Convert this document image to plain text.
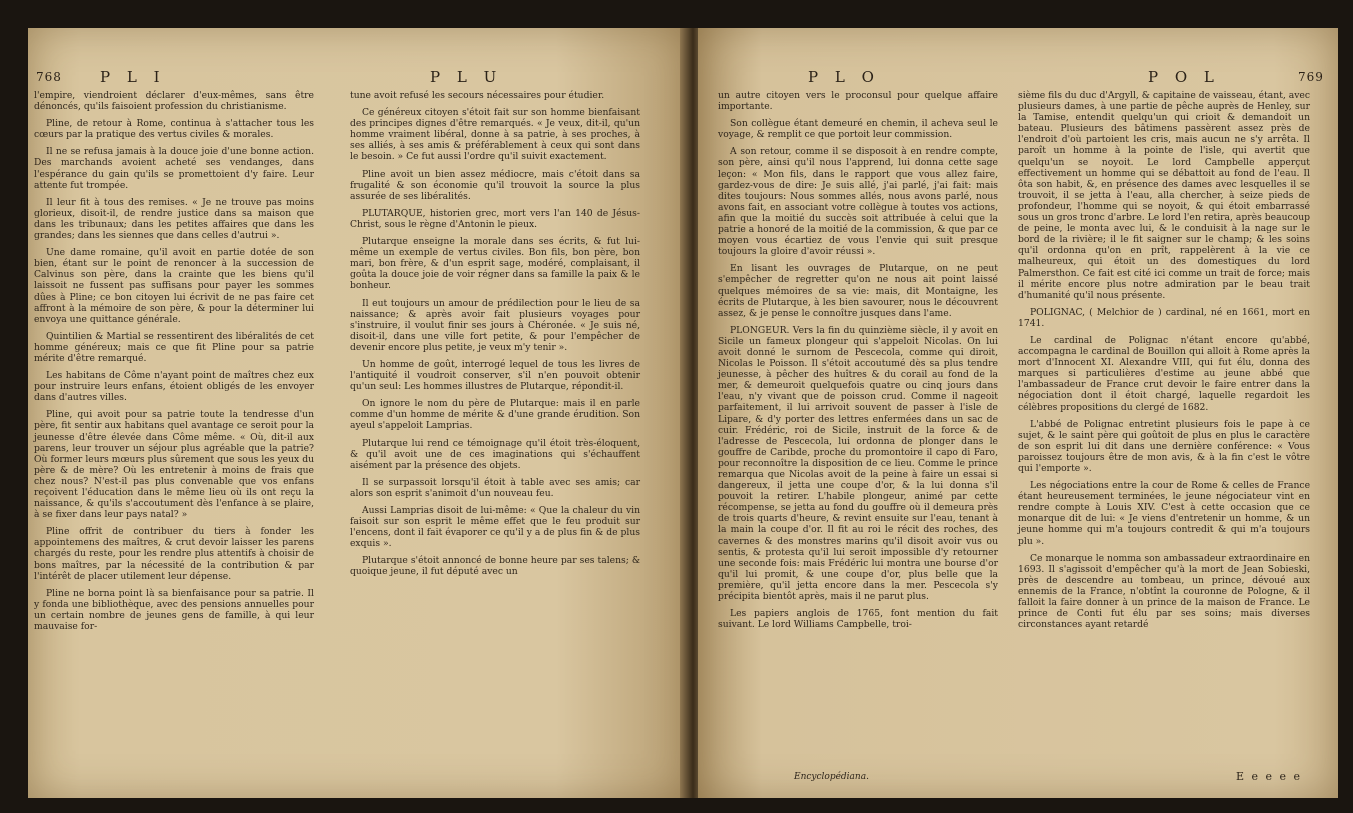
768	P L I	P L U

l'empire, viendroient déclarer d'eux-mêmes, sans être dénoncés, qu'ils faisoient profession du christianisme.

Pline, de retour à Rome, continua à s'attacher tous les cœurs par la pratique des vertus civiles & morales.

Il ne se refusa jamais à la douce joie d'une bonne action. Des marchands avoient acheté ses vendanges, dans l'espérance du gain qu'ils se promettoient d'y faire. Leur attente fut trompée.

Il leur fit à tous des remises. « Je ne trouve pas moins glorieux, disoit-il, de rendre justice dans sa maison que dans les tribunaux; dans les petites affaires que dans les grandes; dans les siennes que dans celles d'autrui ».

Une dame romaine, qu'il avoit en partie dotée de son bien, étant sur le point de renoncer à la succession de Calvinus son père, dans la crainte que les biens qu'il laissoit ne fussent pas suffisans pour payer les sommes dûes à Pline; ce bon citoyen lui écrivit de ne pas faire cet affront à la mémoire de son père, & pour la déterminer lui envoya une quittance générale.

Quintilien & Martial se ressentirent des libéralités de cet homme généreux; mais ce que fit Pline pour sa patrie mérite d'être remarqué.

Les habitans de Côme n'ayant point de maîtres chez eux pour instruire leurs enfans, étoient obligés de les envoyer dans d'autres villes.

Pline, qui avoit pour sa patrie toute la tendresse d'un père, fit sentir aux habitans quel avantage ce seroit pour la jeunesse d'être élevée dans Côme même. « Où, dit-il aux parens, leur trouver un séjour plus agréable que la patrie? Où former leurs mœurs plus sûrement que sous les yeux du père & de mère? Où les entretenir à moins de frais que chez nous? N'est-il pas plus convenable que vos enfans reçoivent l'éducation dans le même lieu où ils ont reçu la naissance, & qu'ils s'accoutument dès l'enfance à se plaire, à se fixer dans leur pays natal? »

Pline offrit de contribuer du tiers à fonder les appointemens des maîtres, & crut devoir laisser les parens chargés du reste, pour les rendre plus attentifs à choisir de bons maîtres, par la nécessité de la contribution & par l'intérêt de placer utilement leur dépense.

Pline ne borna point là sa bienfaisance pour sa patrie. Il y fonda une bibliothèque, avec des pensions annuelles pour un certain nombre de jeunes gens de famille, à qui leur mauvaise for-

tune avoit refusé les secours nécessaires pour étudier.

Ce généreux citoyen s'étoit fait sur son homme bienfaisant des principes dignes d'être remarqués. « Je veux, dit-il, qu'un homme vraiment libéral, donne à sa patrie, à ses proches, à ses alliés, à ses amis & préférablement à ceux qui sont dans le besoin. » Ce fut aussi l'ordre qu'il suivit exactement.

Pline avoit un bien assez médiocre, mais c'étoit dans sa frugalité & son économie qu'il trouvoit la source la plus assurée de ses libéralités.

PLUTARQUE, historien grec, mort vers l'an 140 de Jésus-Christ, sous le règne d'Antonin le pieux.

Plutarque enseigne la morale dans ses écrits, & fut lui-même un exemple de vertus civiles. Bon fils, bon père, bon mari, bon frère, & d'un esprit sage, modéré, complaisant, il goûta la douce joie de voir régner dans sa famille la paix & le bonheur.

Il eut toujours un amour de prédilection pour le lieu de sa naissance; & après avoir fait plusieurs voyages pour s'instruire, il voulut finir ses jours à Chéronée. « Je suis né, disoit-il, dans une ville fort petite, & pour l'empêcher de devenir encore plus petite, je veux m'y tenir ».

Un homme de goût, interrogé lequel de tous les livres de l'antiquité il voudroit conserver, s'il n'en pouvoit obtenir qu'un seul: Les hommes illustres de Plutarque, répondit-il.

On ignore le nom du père de Plutarque: mais il en parle comme d'un homme de mérite & d'une grande érudition. Son ayeul s'appeloit Lamprias.

Plutarque lui rend ce témoignage qu'il étoit très-éloquent, & qu'il avoit une de ces imaginations qui s'échauffent aisément par la présence des objets.

Il se surpassoit lorsqu'il étoit à table avec ses amis; car alors son esprit s'animoit d'un nouveau feu.

Aussi Lamprias disoit de lui-même: « Que la chaleur du vin faisoit sur son esprit le même effet que le feu produit sur l'encens, dont il fait évaporer ce qu'il y a de plus fin & de plus exquis ».

Plutarque s'étoit annoncé de bonne heure par ses talens; & quoique jeune, il fut député avec un

P L O	P O L	769

un autre citoyen vers le proconsul pour quelque affaire importante.

Son collègue étant demeuré en chemin, il acheva seul le voyage, & remplit ce que portoit leur commission.

A son retour, comme il se disposoit à en rendre compte, son père, ainsi qu'il nous l'apprend, lui donna cette sage leçon: « Mon fils, dans le rapport que vous allez faire, gardez-vous de dire: Je suis allé, j'ai parlé, j'ai fait: mais dites toujours: Nous sommes allés, nous avons parlé, nous avons fait, en associant votre collègue à toutes vos actions, afin que la moitié du succès soit attribuée à celui que la patrie a honoré de la moitié de la commission, & que par ce moyen vous écartiez de vous l'envie qui suit presque toujours la gloire d'avoir réussi ».

En lisant les ouvrages de Plutarque, on ne peut s'empêcher de regretter qu'on ne nous ait point laissé quelques mémoires de sa vie: mais, dit Montaigne, les écrits de Plutarque, à les bien savourer, nous le découvrent assez, & je pense le connoître jusques dans l'ame.

PLONGEUR. Vers la fin du quinzième siècle, il y avoit en Sicile un fameux plongeur qui s'appeloit Nicolas. On lui avoit donné le surnom de Pescecola, comme qui diroit, Nicolas le Poisson. Il s'étoit accoutumé dès sa plus tendre jeunesse, à pêcher des huîtres & du corail au fond de la mer, & demeuroit quelquefois quatre ou cinq jours dans l'eau, n'y vivant que de poisson crud. Comme il nageoit parfaitement, il lui arrivoit souvent de passer à l'isle de Lipare, & d'y porter des lettres enfermées dans un sac de cuir. Frédéric, roi de Sicile, instruit de la force & de l'adresse de Pescecola, lui ordonna de plonger dans le gouffre de Caribde, proche du promontoire il capo di Faro, pour reconnoître la disposition de ce lieu. Comme le prince remarqua que Nicolas avoit de la peine à faire un essai si dangereux, il jetta une coupe d'or, & la lui donna s'il pouvoit la retirer. L'habile plongeur, animé par cette récompense, se jetta au fond du gouffre où il demeura près de trois quarts d'heure, & revint ensuite sur l'eau, tenant à la main la coupe d'or. Il fit au roi le récit des roches, des cavernes & des monstres marins qu'il disoit avoir vus ou sentis, & protesta qu'il lui seroit impossible d'y retourner une seconde fois: mais Frédéric lui montra une bourse d'or qu'il lui promit, & une coupe d'or, plus belle que la première, qu'il jetta encore dans la mer. Pescecola s'y précipita bientôt après, mais il ne parut plus.

Les papiers anglois de 1765, font mention du fait suivant. Le lord Williams Campbelle, troi-

sième fils du duc d'Argyll, & capitaine de vaisseau, étant, avec plusieurs dames, à une partie de pêche auprès de Henley, sur la Tamise, entendit quelqu'un qui crioit & demandoit un bateau. Plusieurs des bâtimens passèrent assez près de l'endroit d'où partoient les cris, mais aucun ne s'y arrêta. Il paroît un homme à la pointe de l'isle, qui avertit que quelqu'un se noyoit. Le lord Campbelle apperçut effectivement un homme qui se débattoit au fond de l'eau. Il ôta son habit, &, en présence des dames avec lesquelles il se trouvoit, il se jetta à l'eau, alla chercher, à seize pieds de profondeur, l'homme qui se noyoit, & qui étoit embarrassé sous un gros tronc d'arbre. Le lord l'en retira, après beaucoup de peine, le monta avec lui, & le conduisit à la nage sur le bord de la rivière; il le fit saigner sur le champ; & les soins qu'il ordonna qu'on en prît, rappelèrent à la vie ce malheureux, qui étoit un des domestiques du lord Palmersthon. Ce fait est cité ici comme un trait de force; mais il mérite encore plus notre admiration par le beau trait d'humanité qu'il nous présente.

POLIGNAC, ( Melchior de ) cardinal, né en 1661, mort en 1741.

Le cardinal de Polignac n'étant encore qu'abbé, accompagna le cardinal de Bouillon qui alloit à Rome après la mort d'Innocent XI. Alexandre VIII, qui fut élu, donna des marques si particulières d'estime au jeune abbé que l'ambassadeur de France crut devoir le faire entrer dans la négociation dont il étoit chargé, laquelle regardoit les célèbres propositions du clergé de 1682.

L'abbé de Polignac entretint plusieurs fois le pape à ce sujet, & le saint père qui goûtoit de plus en plus le caractère de son esprit lui dit dans une dernière conférence: « Vous paroissez toujours être de mon avis, & à la fin c'est le vôtre qui l'emporte ».

Les négociations entre la cour de Rome & celles de France étant heureusement terminées, le jeune négociateur vint en rendre compte à Louis XIV. C'est à cette occasion que ce monarque dit de lui: « Je viens d'entretenir un homme, & un jeune homme qui m'a toujours contredit & qui m'a toujours plu ».

Ce monarque le nomma son ambassadeur extraordinaire en 1693. Il s'agissoit d'empêcher qu'à la mort de Jean Sobieski, près de descendre au tombeau, un prince, dévoué aux ennemis de la France, n'obtînt la couronne de Pologne, & il falloit la faire donner à un prince de la maison de France. Le prince de Conti fut élu par ses soins; mais diverses circonstances ayant retardé

Encyclopédiana.	E e e e e
